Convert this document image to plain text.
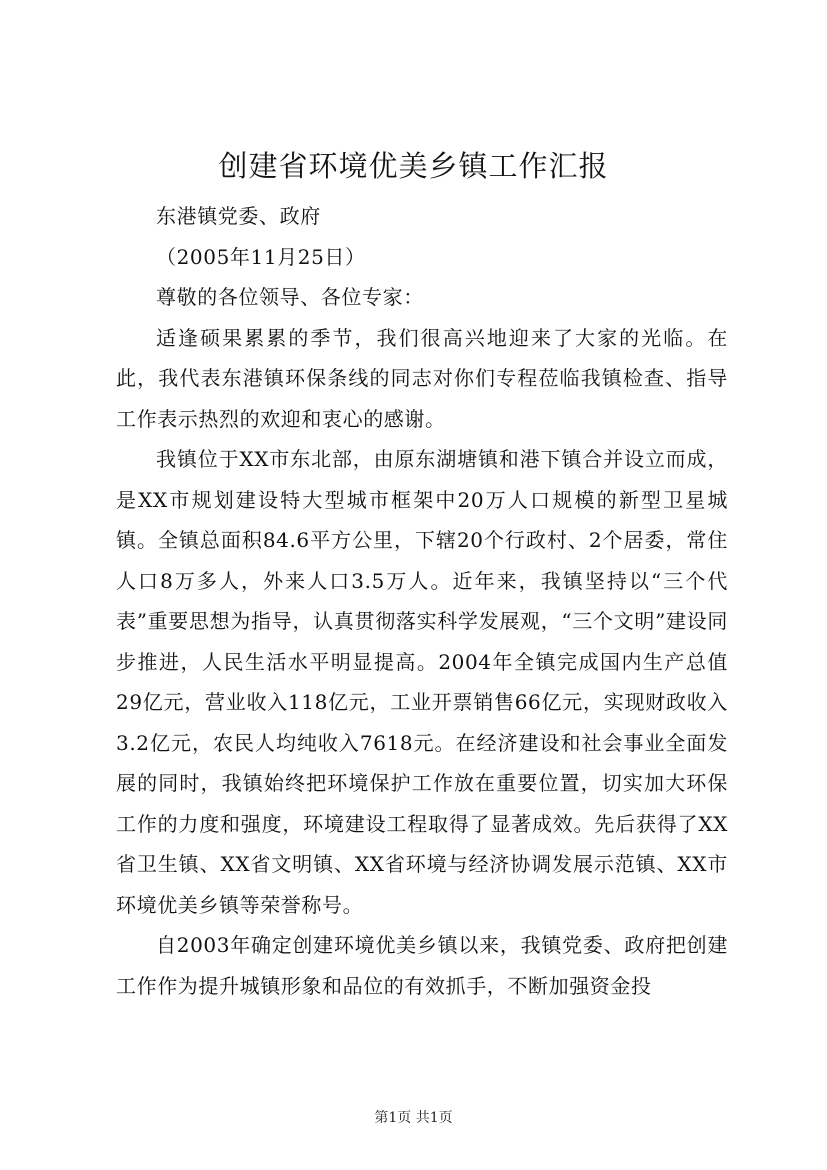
创建省环境优美乡镇工作汇报

东港镇党委、政府

（2005年11月25日）

尊敬的各位领导、各位专家：

适逢硕果累累的季节，我们很高兴地迎来了大家的光临。在此，我代表东港镇环保条线的同志对你们专程莅临我镇检查、指导工作表示热烈的欢迎和衷心的感谢。

我镇位于XX市东北部，由原东湖塘镇和港下镇合并设立而成，是XX市规划建设特大型城市框架中20万人口规模的新型卫星城镇。全镇总面积84.6平方公里，下辖20个行政村、2个居委，常住人口8万多人，外来人口3.5万人。近年来，我镇坚持以“三个代表”重要思想为指导，认真贯彻落实科学发展观，“三个文明”建设同步推进，人民生活水平明显提高。2004年全镇完成国内生产总值29亿元，营业收入118亿元，工业开票销售66亿元，实现财政收入3.2亿元，农民人均纯收入7618元。在经济建设和社会事业全面发展的同时，我镇始终把环境保护工作放在重要位置，切实加大环保工作的力度和强度，环境建设工程取得了显著成效。先后获得了XX省卫生镇、XX省文明镇、XX省环境与经济协调发展示范镇、XX市环境优美乡镇等荣誉称号。

自2003年确定创建环境优美乡镇以来，我镇党委、政府把创建工作作为提升城镇形象和品位的有效抓手，不断加强资金投

第1页 共1页
